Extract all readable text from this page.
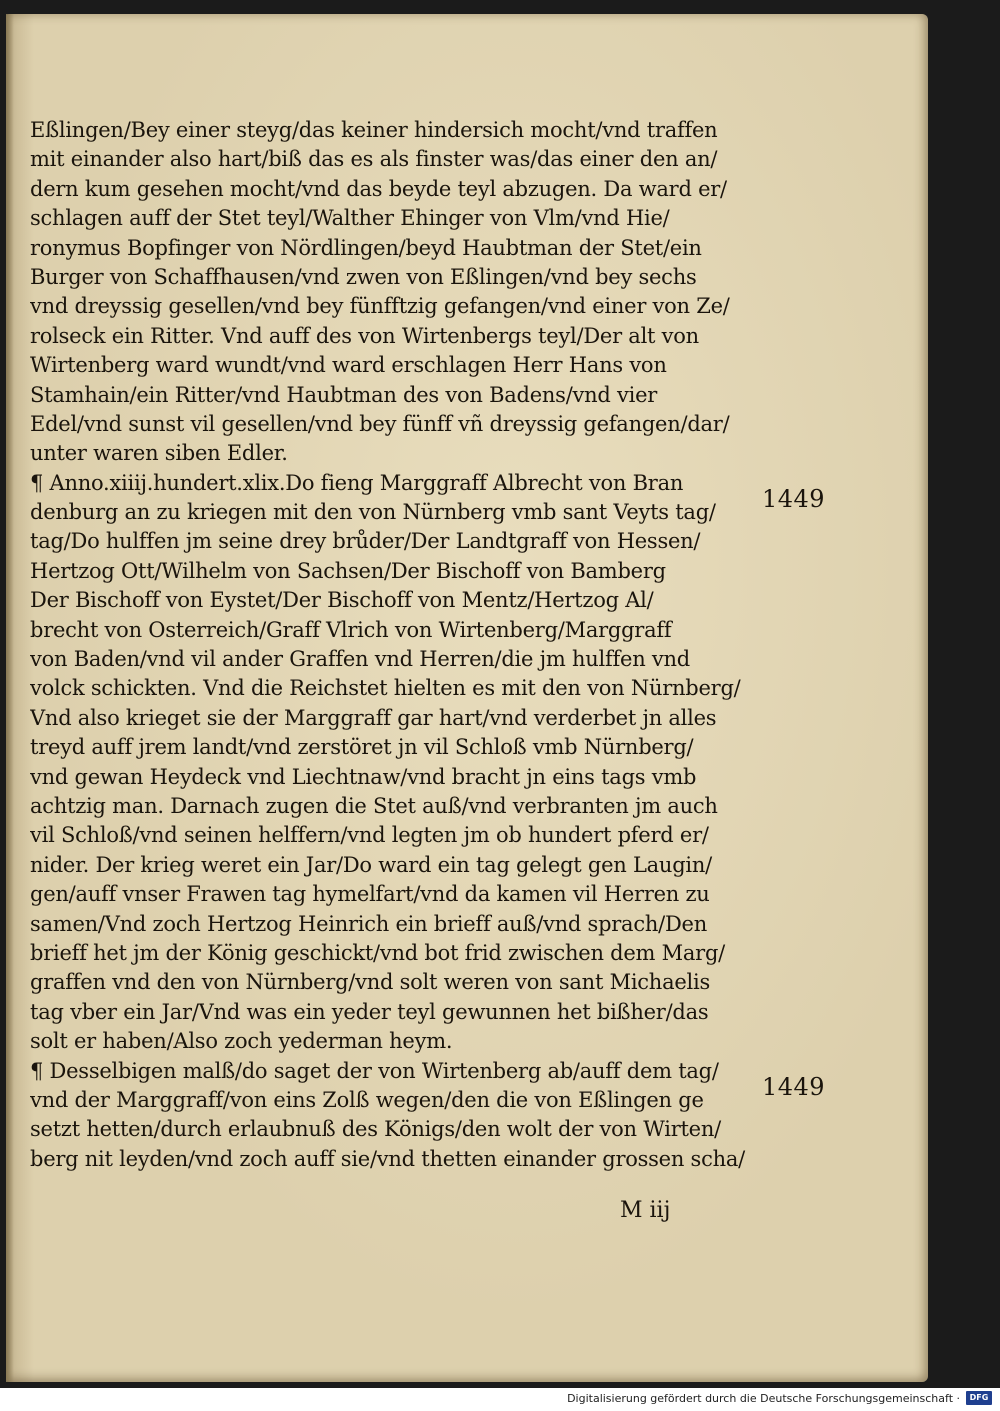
Eßlingen/Bey einer steyg/das keiner hindersich mocht/vnd traffen
mit einander also hart/biß das es als finster was/das einer den an/
dern kum gesehen mocht/vnd das beyde teyl abzugen. Da ward er/
schlagen auff der Stet teyl/Walther Ehinger von Vlm/vnd Hie/
ronymus Bopfinger von Nördlingen/beyd Haubtman der Stet/ein
Burger von Schaffhausen/vnd zwen von Eßlingen/vnd bey sechs
vnd dreyssig gesellen/vnd bey fünfftzig gefangen/vnd einer von Ze/
rolseck ein Ritter. Vnd auff des von Wirtenbergs teyl/Der alt von
Wirtenberg ward wundt/vnd ward erschlagen Herr Hans von
Stamhain/ein Ritter/vnd Haubtman des von Badens/vnd vier
Edel/vnd sunst vil gesellen/vnd bey fünff vñ dreyssig gefangen/dar/
unter waren siben Edler.
¶ Anno.xiiij.hundert.xlix.Do fieng Marggraff Albrecht von Bran
denburg an zu kriegen mit den von Nürnberg vmb sant Veyts tag/
tag/Do hulffen jm seine drey brůder/Der Landtgraff von Hessen/
Hertzog Ott/Wilhelm von Sachsen/Der Bischoff von Bamberg
Der Bischoff von Eystet/Der Bischoff von Mentz/Hertzog Al/
brecht von Osterreich/Graff Vlrich von Wirtenberg/Marggraff
von Baden/vnd vil ander Graffen vnd Herren/die jm hulffen vnd
volck schickten. Vnd die Reichstet hielten es mit den von Nürnberg/
Vnd also krieget sie der Marggraff gar hart/vnd verderbet jn alles
treyd auff jrem landt/vnd zerstöret jn vil Schloß vmb Nürnberg/
vnd gewan Heydeck vnd Liechtnaw/vnd bracht jn eins tags vmb
achtzig man. Darnach zugen die Stet auß/vnd verbranten jm auch
vil Schloß/vnd seinen helffern/vnd legten jm ob hundert pferd er/
nider. Der krieg weret ein Jar/Do ward ein tag gelegt gen Laugin/
gen/auff vnser Frawen tag hymelfart/vnd da kamen vil Herren zu
samen/Vnd zoch Hertzog Heinrich ein brieff auß/vnd sprach/Den
brieff het jm der König geschickt/vnd bot frid zwischen dem Marg/
graffen vnd den von Nürnberg/vnd solt weren von sant Michaelis
tag vber ein Jar/Vnd was ein yeder teyl gewunnen het bißher/das
solt er haben/Also zoch yederman heym.
¶ Desselbigen malß/do saget der von Wirtenberg ab/auff dem tag/
vnd der Marggraff/von eins Zolß wegen/den die von Eßlingen ge
setzt hetten/durch erlaubnuß des Königs/den wolt der von Wirten/
berg nit leyden/vnd zoch auff sie/vnd thetten einander grossen scha/
1449
1449
M iij
Digitalisierung gefördert durch die Deutsche Forschungsgemeinschaft ·	DFG
